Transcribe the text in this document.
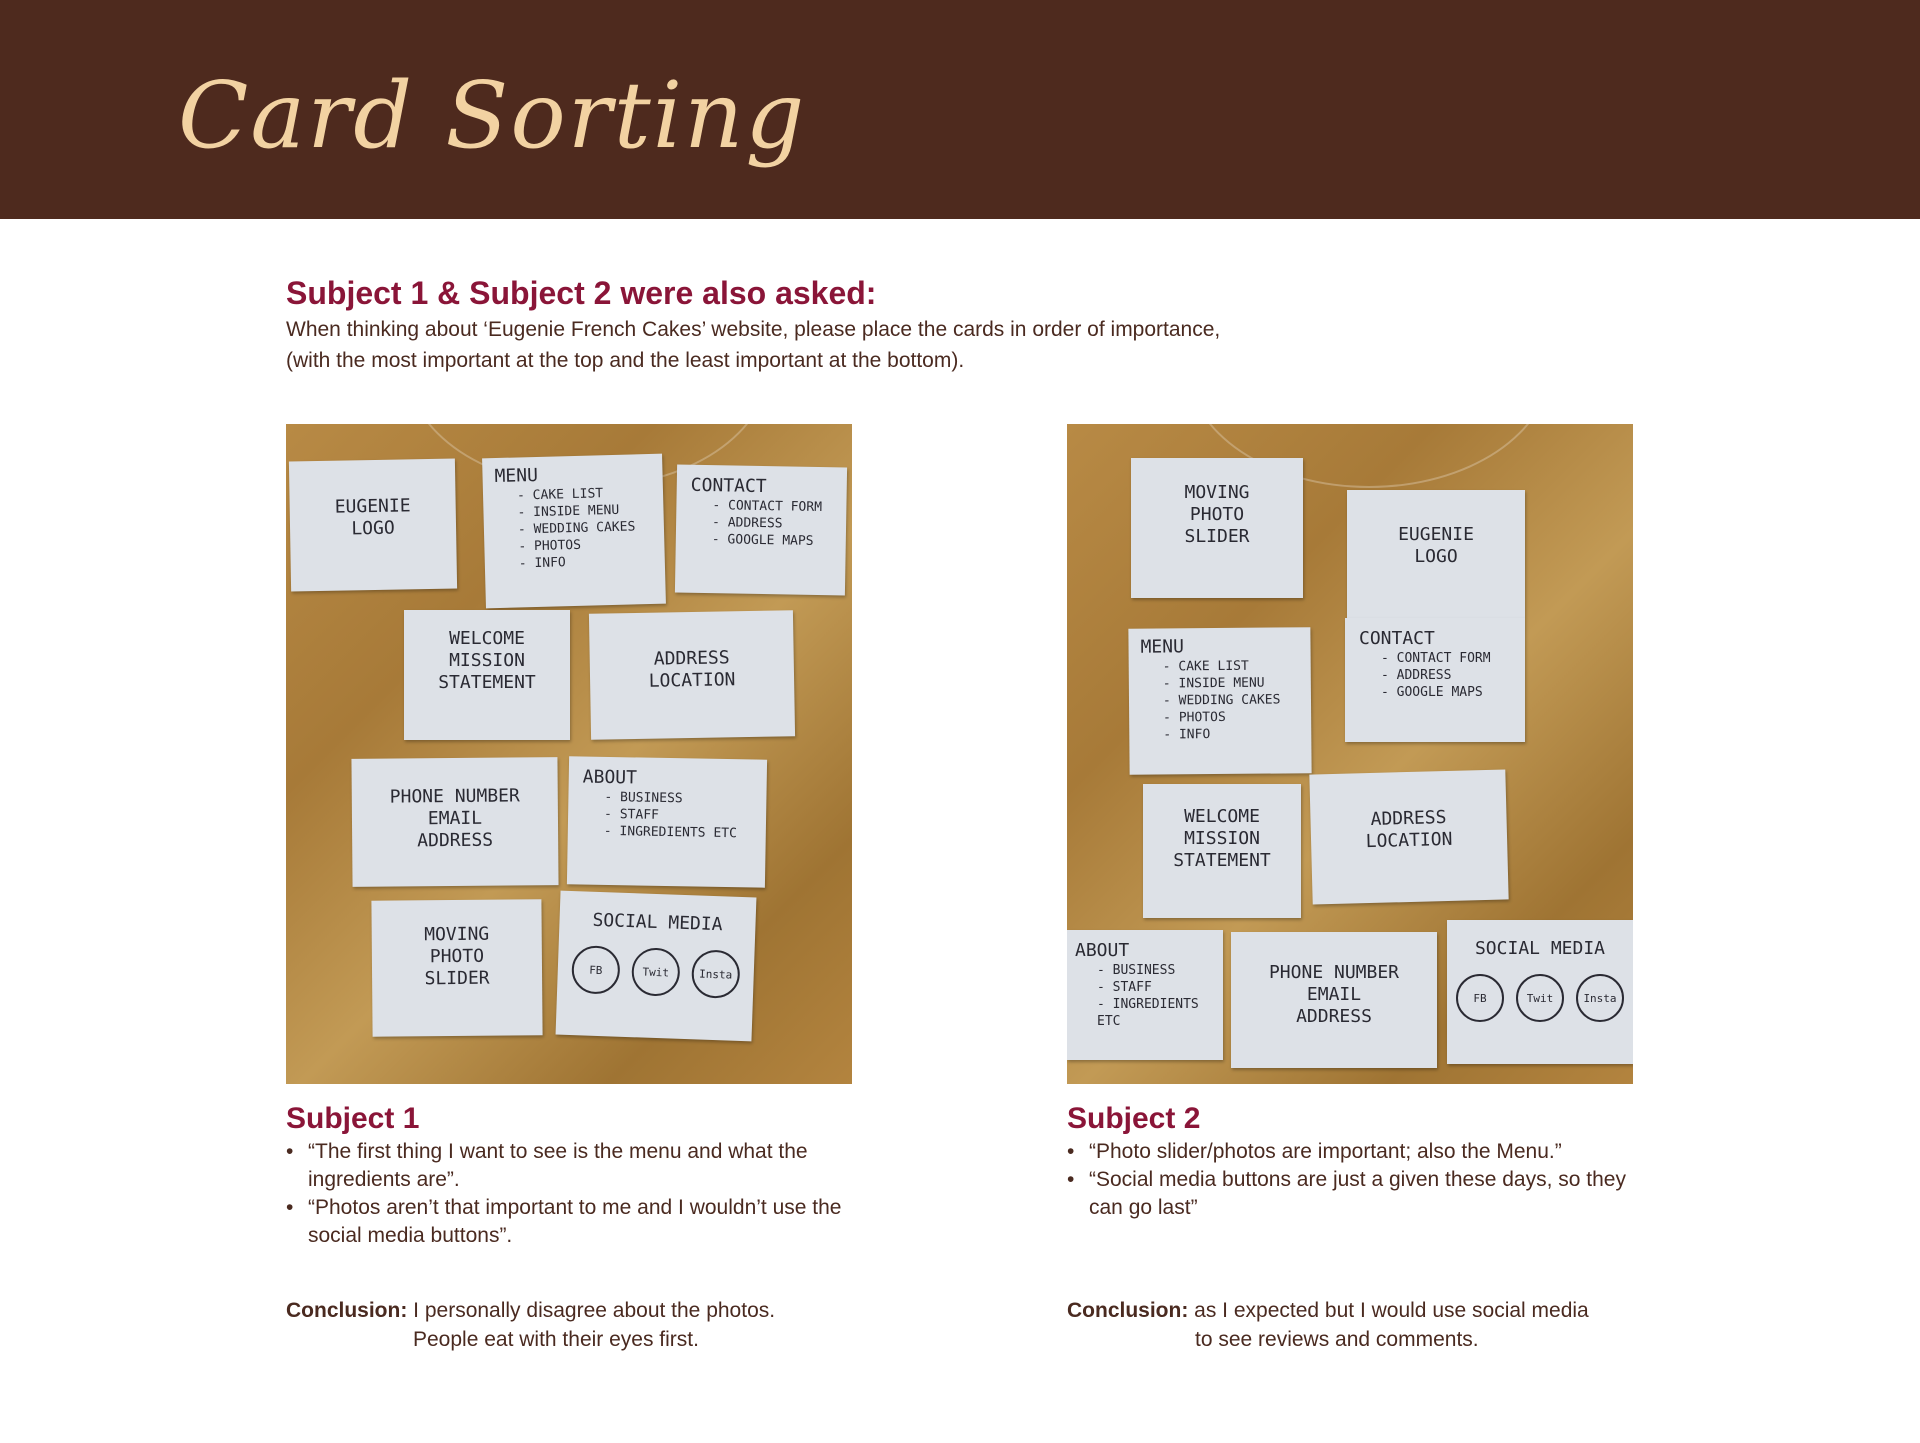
Card Sorting
Subject 1 & Subject 2 were also asked:

When thinking about ‘Eugenie French Cakes’ website, please place the cards in order of importance,
(with the most important at the top and the least important at the bottom).

EUGENIE
LOGO
MENU
- CAKE LIST
- INSIDE MENU
- WEDDING CAKES
- PHOTOS
- INFO
CONTACT
- CONTACT FORM
- ADDRESS
- GOOGLE MAPS
WELCOME
MISSION
STATEMENT
ADDRESS
LOCATION
PHONE NUMBER
EMAIL
ADDRESS
ABOUT
- BUSINESS
- STAFF
- INGREDIENTS ETC
MOVING
PHOTO
SLIDER
SOCIAL MEDIA
FB	Twit	Insta
MOVING
PHOTO
SLIDER	EUGENIE
LOGO
MENU
- CAKE LIST
- INSIDE MENU
- WEDDING CAKES
- PHOTOS
- INFO
CONTACT
- CONTACT FORM
- ADDRESS
- GOOGLE MAPS
WELCOME
MISSION
STATEMENT
ADDRESS
LOCATION
ABOUT
- BUSINESS
- STAFF
- INGREDIENTS ETC
PHONE NUMBER
EMAIL
ADDRESS
SOCIAL MEDIA
FB	Twit	Insta
Subject 1
• “The first thing I want to see is the menu and what the ingredients are”.
• “Photos aren’t that important to me and I wouldn’t use the social media buttons”.

Conclusion: I personally disagree about the photos.
People eat with their eyes first.

Subject 2
• “Photo slider/photos are important; also the Menu.”
• “Social media buttons are just a given these days, so they can go last”

Conclusion: as I expected but I would use social media
to see reviews and comments.
